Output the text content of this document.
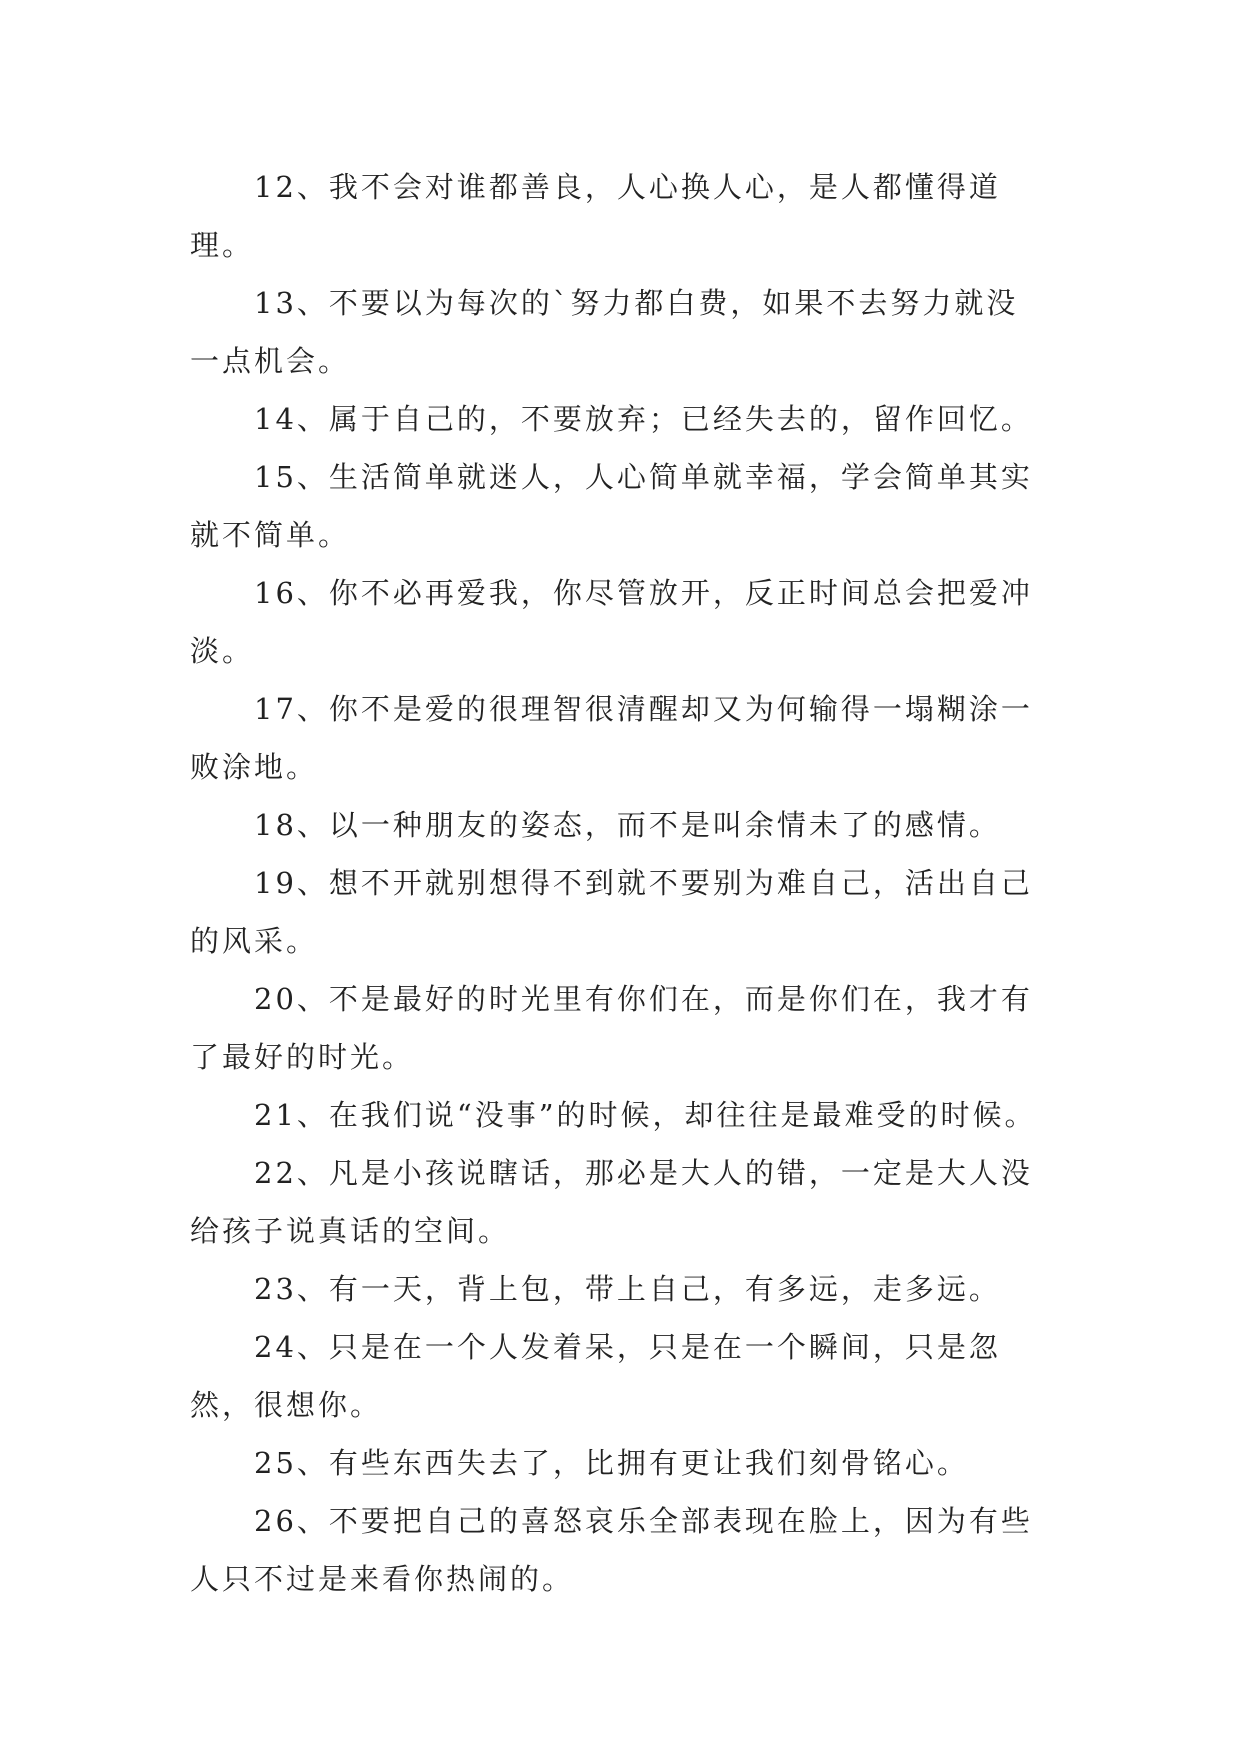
12、我不会对谁都善良，人心换人心，是人都懂得道理。

13、不要以为每次的`努力都白费，如果不去努力就没一点机会。

14、属于自己的，不要放弃；已经失去的，留作回忆。

15、生活简单就迷人，人心简单就幸福，学会简单其实就不简单。

16、你不必再爱我，你尽管放开，反正时间总会把爱冲淡。

17、你不是爱的很理智很清醒却又为何输得一塌糊涂一败涂地。

18、以一种朋友的姿态，而不是叫余情未了的感情。

19、想不开就别想得不到就不要别为难自己，活出自己的风采。

20、不是最好的时光里有你们在，而是你们在，我才有了最好的时光。

21、在我们说“没事”的时候，却往往是最难受的时候。

22、凡是小孩说瞎话，那必是大人的错，一定是大人没给孩子说真话的空间。

23、有一天，背上包，带上自己，有多远，走多远。

24、只是在一个人发着呆，只是在一个瞬间，只是忽然，很想你。

25、有些东西失去了，比拥有更让我们刻骨铭心。

26、不要把自己的喜怒哀乐全部表现在脸上，因为有些人只不过是来看你热闹的。
